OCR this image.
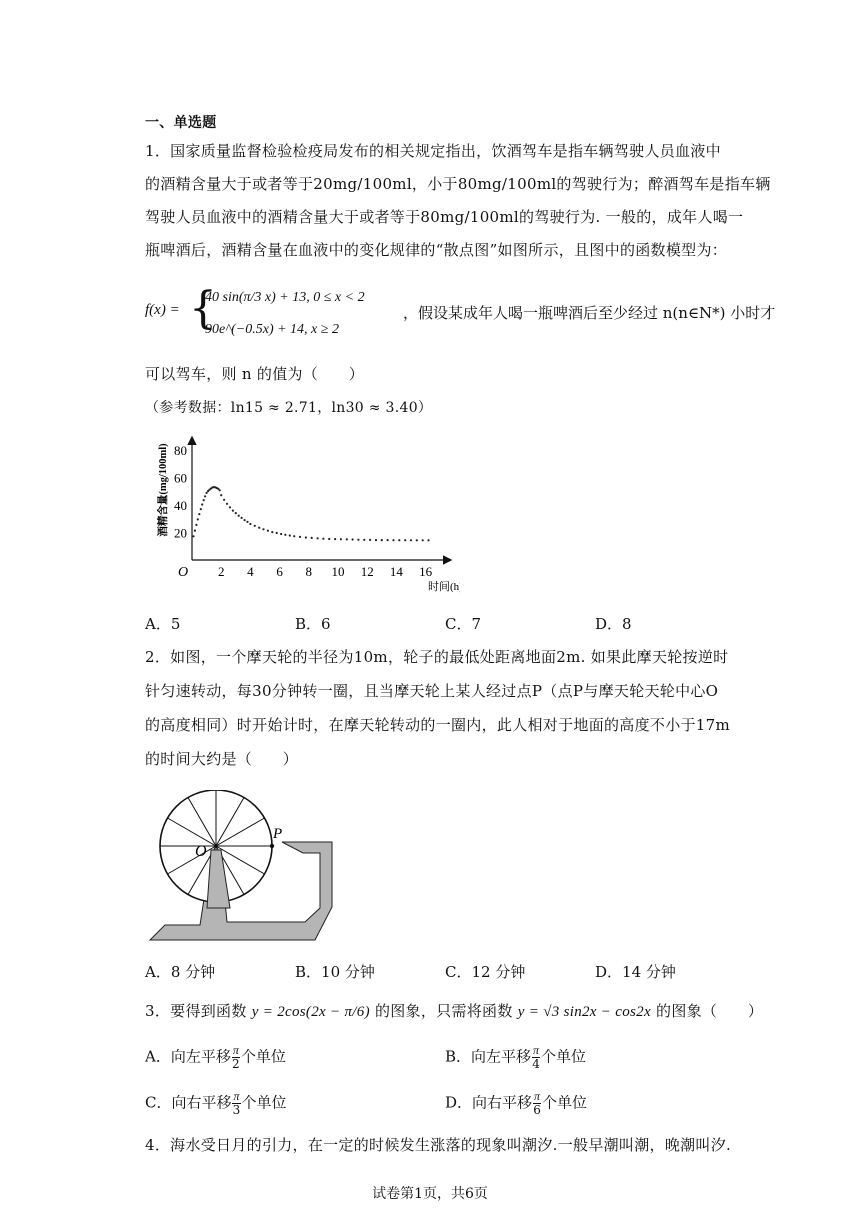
一、单选题
1．国家质量监督检验检疫局发布的相关规定指出，饮酒驾车是指车辆驾驶人员血液中
的酒精含量大于或者等于20mg/100ml，小于80mg/100ml的驾驶行为；醉酒驾车是指车辆
驾驶人员血液中的酒精含量大于或者等于80mg/100ml的驾驶行为. 一般的，成年人喝一
瓶啤酒后，酒精含量在血液中的变化规律的“散点图”如图所示，且图中的函数模型为：
f(x) = {
40 sin(π/3 x) + 13, 0 ≤ x < 2
90e^(−0.5x) + 14, x ≥ 2
，假设某成年人喝一瓶啤酒后至少经过 n(n∈N*) 小时才
可以驾车，则 n 的值为（　　）
（参考数据：ln15 ≈ 2.71，ln30 ≈ 3.40）
20
40
60
80
2 4 6 8 10 12 14 16
O
酒精含量(mg/100ml)
时间(h)
A．5	B．6	C．7	D．8
2．如图，一个摩天轮的半径为10m，轮子的最低处距离地面2m. 如果此摩天轮按逆时
针匀速转动，每30分钟转一圈，且当摩天轮上某人经过点P（点P与摩天轮天轮中心O
的高度相同）时开始计时，在摩天轮转动的一圈内，此人相对于地面的高度不小于17m
的时间大约是（　　）
P
O
A．8 分钟	B．10 分钟	C．12 分钟	D．14 分钟
3．要得到函数 y = 2cos(2x − π/6) 的图象，只需将函数 y = √3 sin2x − cos2x 的图象（　　）
A．向左平移 $\frac{\pi}{2}$ 个单位	B．向左平移 $\frac{\pi}{4}$ 个单位
C．向右平移 $\frac{\pi}{3}$ 个单位	D．向右平移 $\frac{\pi}{6}$ 个单位
4．海水受日月的引力，在一定的时候发生涨落的现象叫潮汐.一般早潮叫潮，晚潮叫汐.
试卷第1页，共6页
